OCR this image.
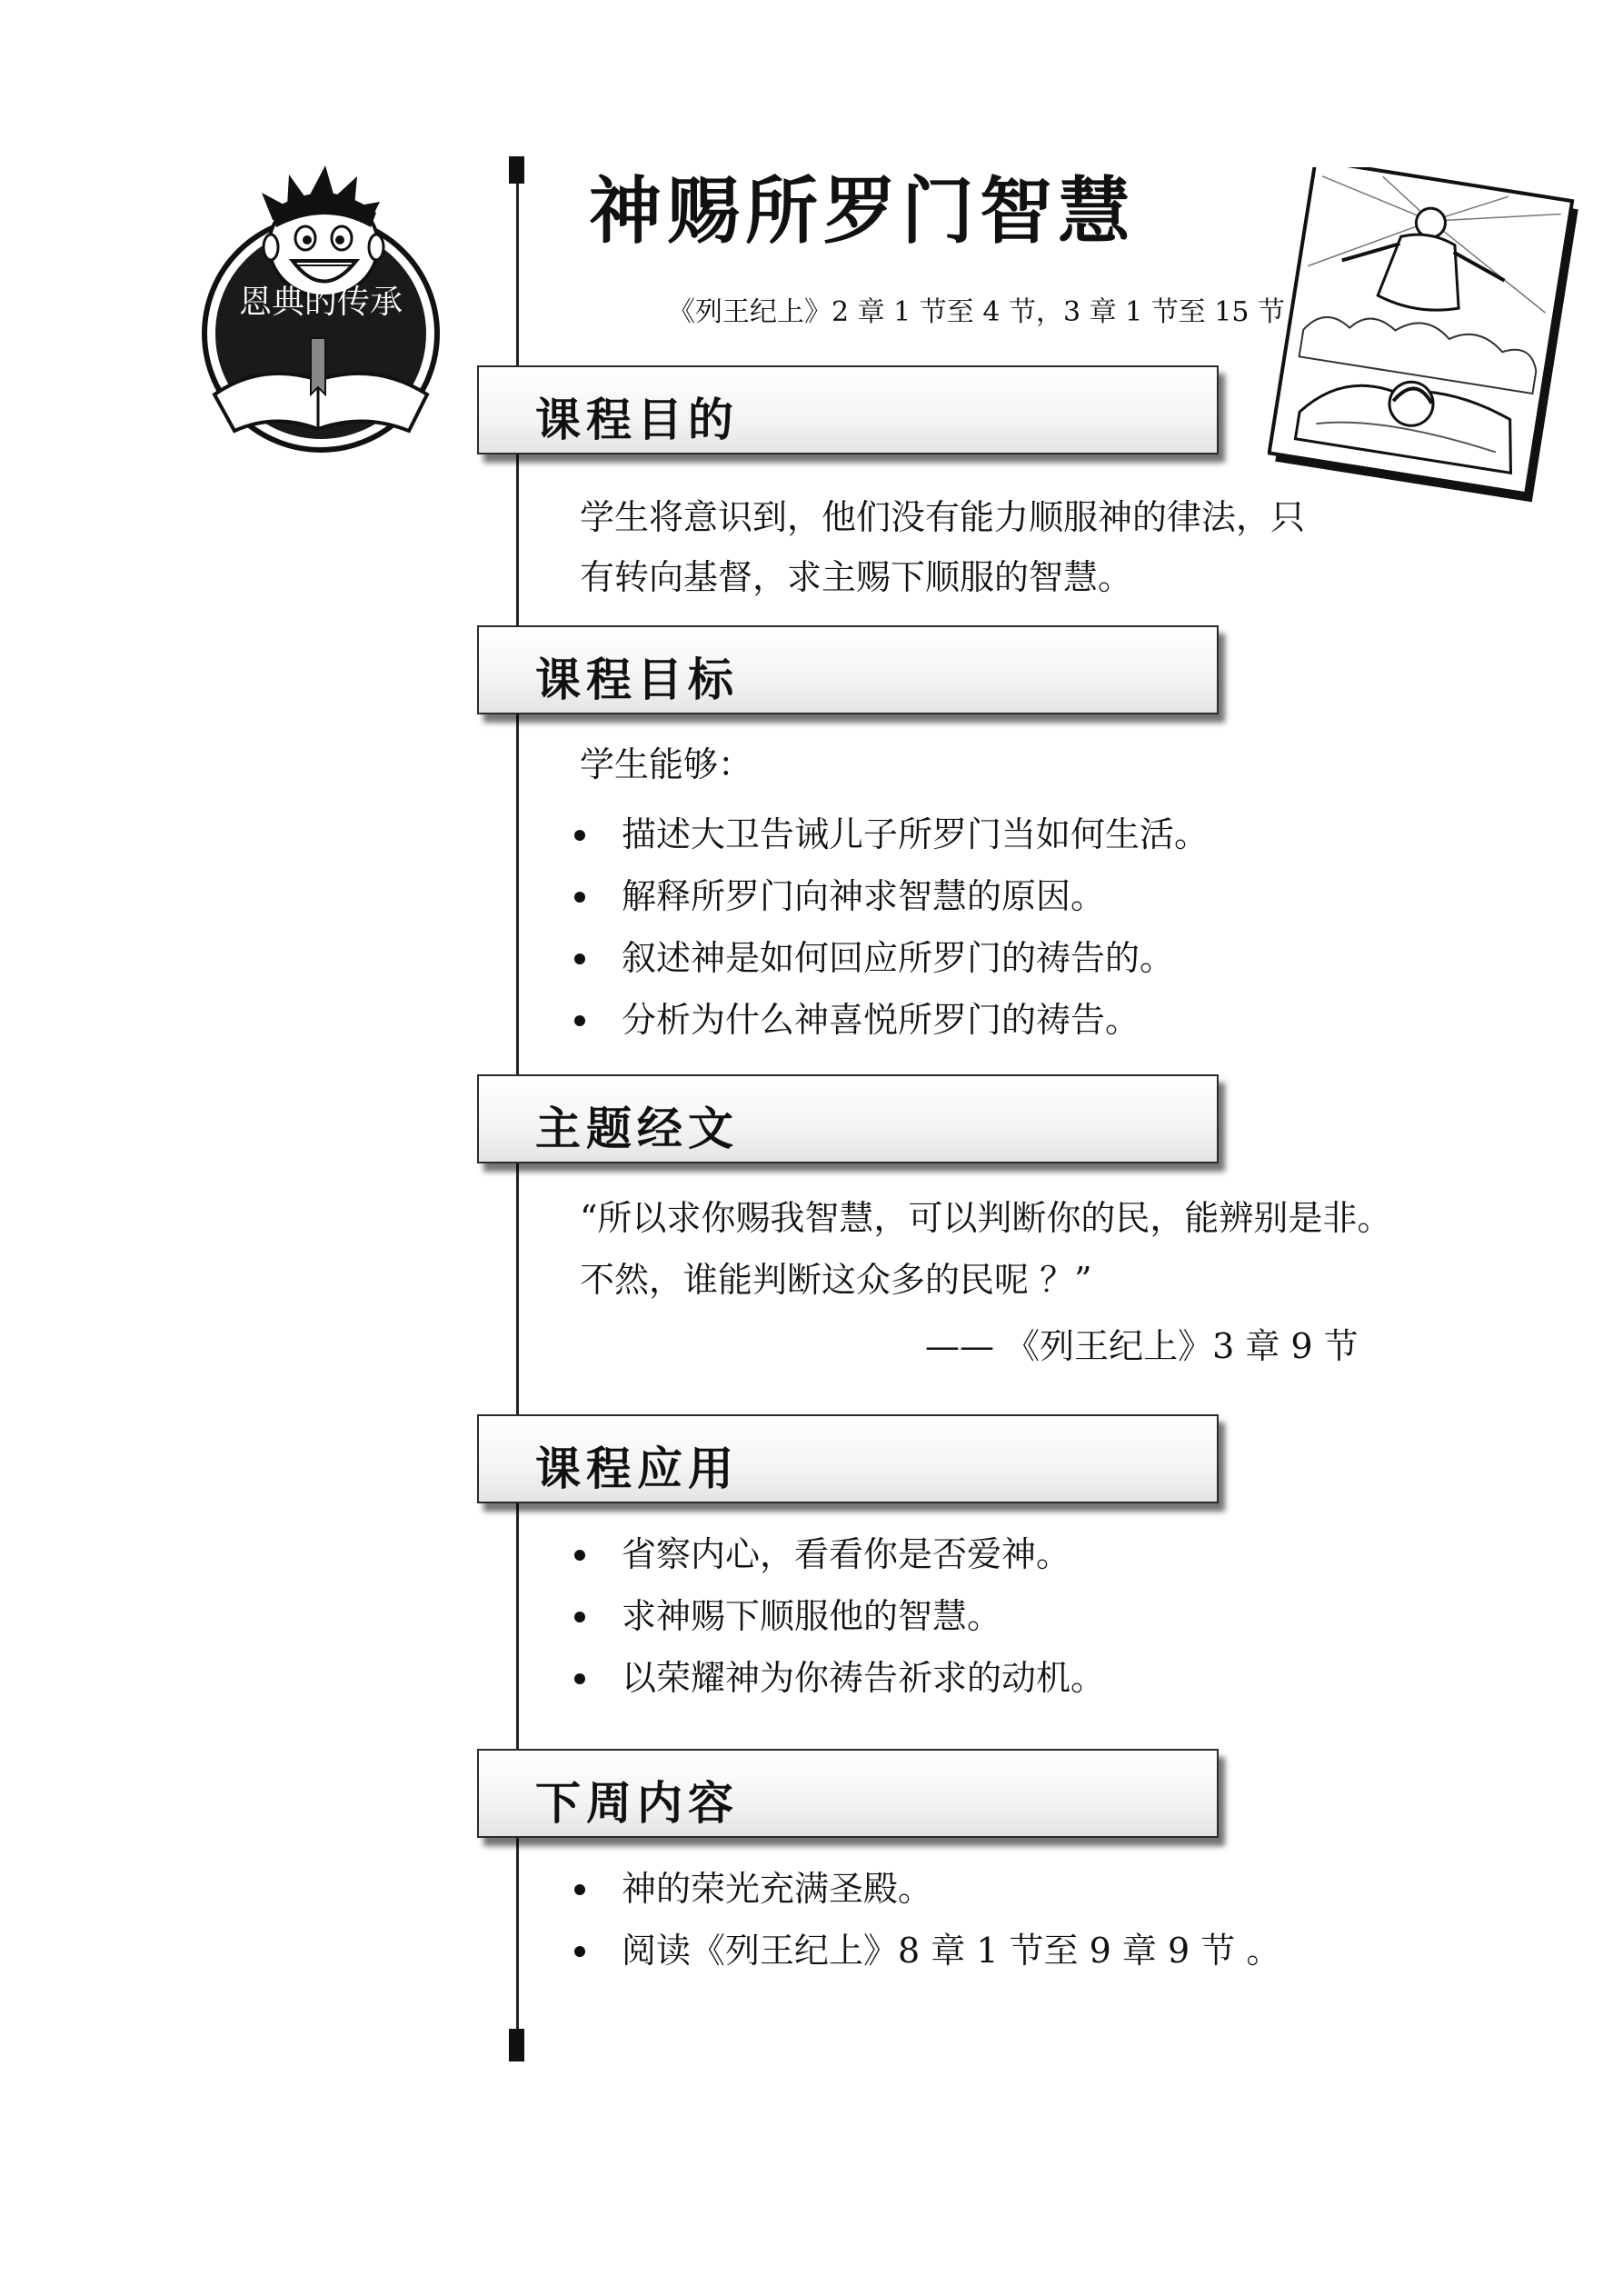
恩典的传承
神赐所罗门智慧
《列王纪上》2 章 1 节至 4 节，3 章 1 节至 15 节
课程目的
学生将意识到，他们没有能力顺服神的律法，只
有转向基督，求主赐下顺服的智慧。
课程目标
学生能够：
描述大卫告诫儿子所罗门当如何生活。
解释所罗门向神求智慧的原因。
叙述神是如何回应所罗门的祷告的。
分析为什么神喜悦所罗门的祷告。
主题经文
“所以求你赐我智慧，可以判断你的民，能辨别是非。
不然，谁能判断这众多的民呢 ？”
—— 《列王纪上》3 章 9 节
课程应用
省察内心，看看你是否爱神。
求神赐下顺服他的智慧。
以荣耀神为你祷告祈求的动机。
下周内容
神的荣光充满圣殿。
阅读《列王纪上》8 章 1 节至 9 章 9 节 。
